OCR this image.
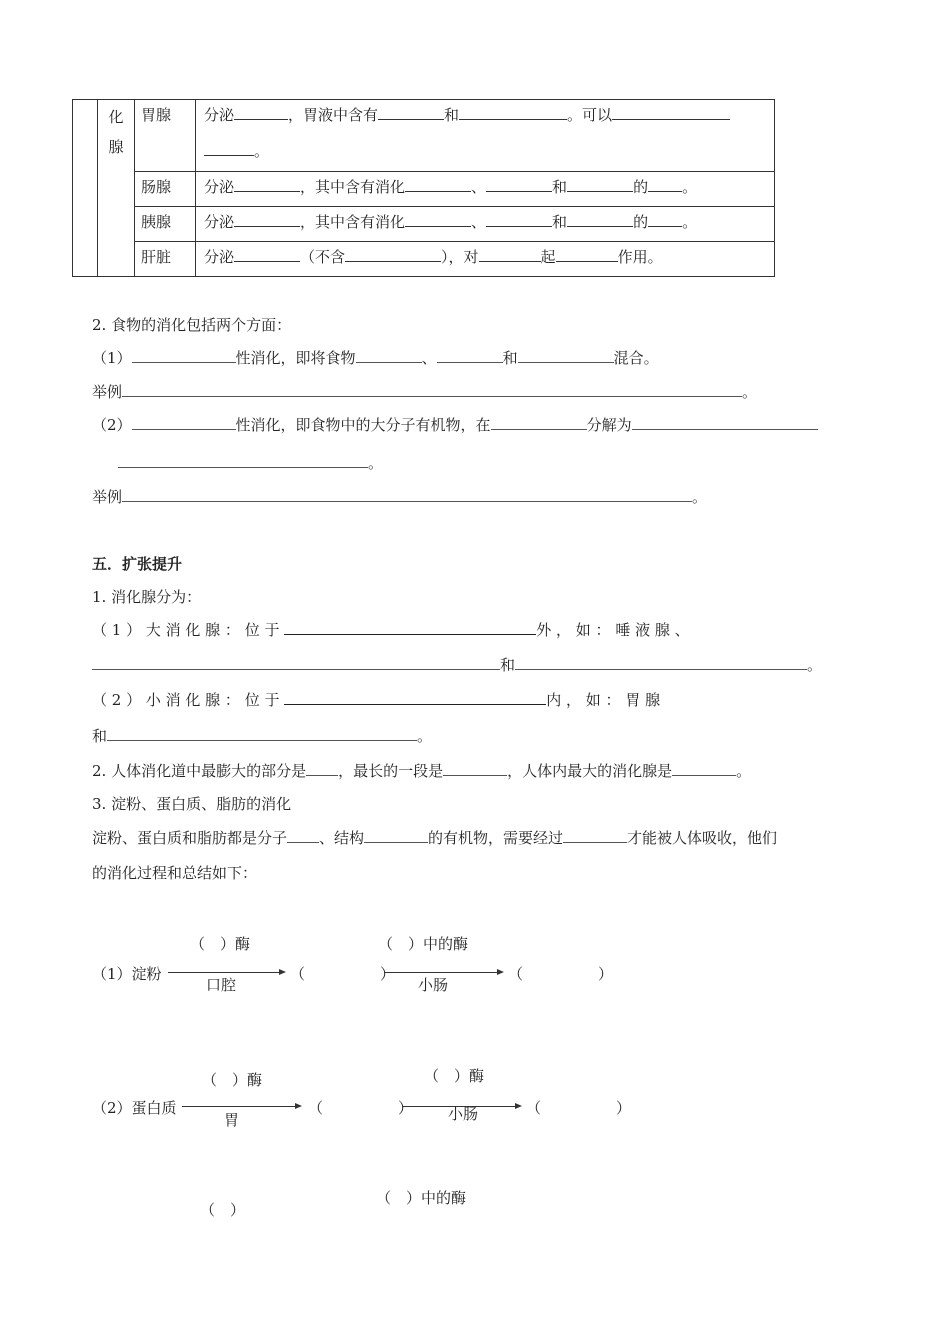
	化腺	胃腺	分泌 ，胃液中含有 和 。可以
。

		肠腺	分泌 ，其中含有消化 、 和 的 。
		胰腺	分泌 ，其中含有消化 、 和 的 。
		肝脏	分泌 （不含 ），对 起 作用。
2. 食物的消化包括两个方面：
（1）	性消化，即将食物	、	和	混合。
举例	。
（2）	性消化，即食物中的大分子有机物，在	分解为
。
举例	。
五．扩张提升
1. 消化腺分为：
（ 1 ） 大 消 化 腺 ： 位 于	外 ， 如 ： 唾 液 腺 、
和	。
（ 2 ） 小 消 化 腺 ： 位 于	内 ， 如 ： 胃 腺
和	。
2. 人体消化道中最膨大的部分是 ，最长的一段是	，人体内最大的消化腺是	。
3. 淀粉、蛋白质、脂肪的消化
淀粉、蛋白质和脂肪都是分子 、结构	的有机物，需要经过	才能被人体吸收，他们
的消化过程和总结如下：
（　）酶
（1）淀粉
口腔
（　　　　　）
（　）中的酶
小肠
（　　　　　）
（　）酶
（2）蛋白质
胃
（　　　　　）
（　）酶
小肠	（　　　　　）
（　）
（　）中的酶
